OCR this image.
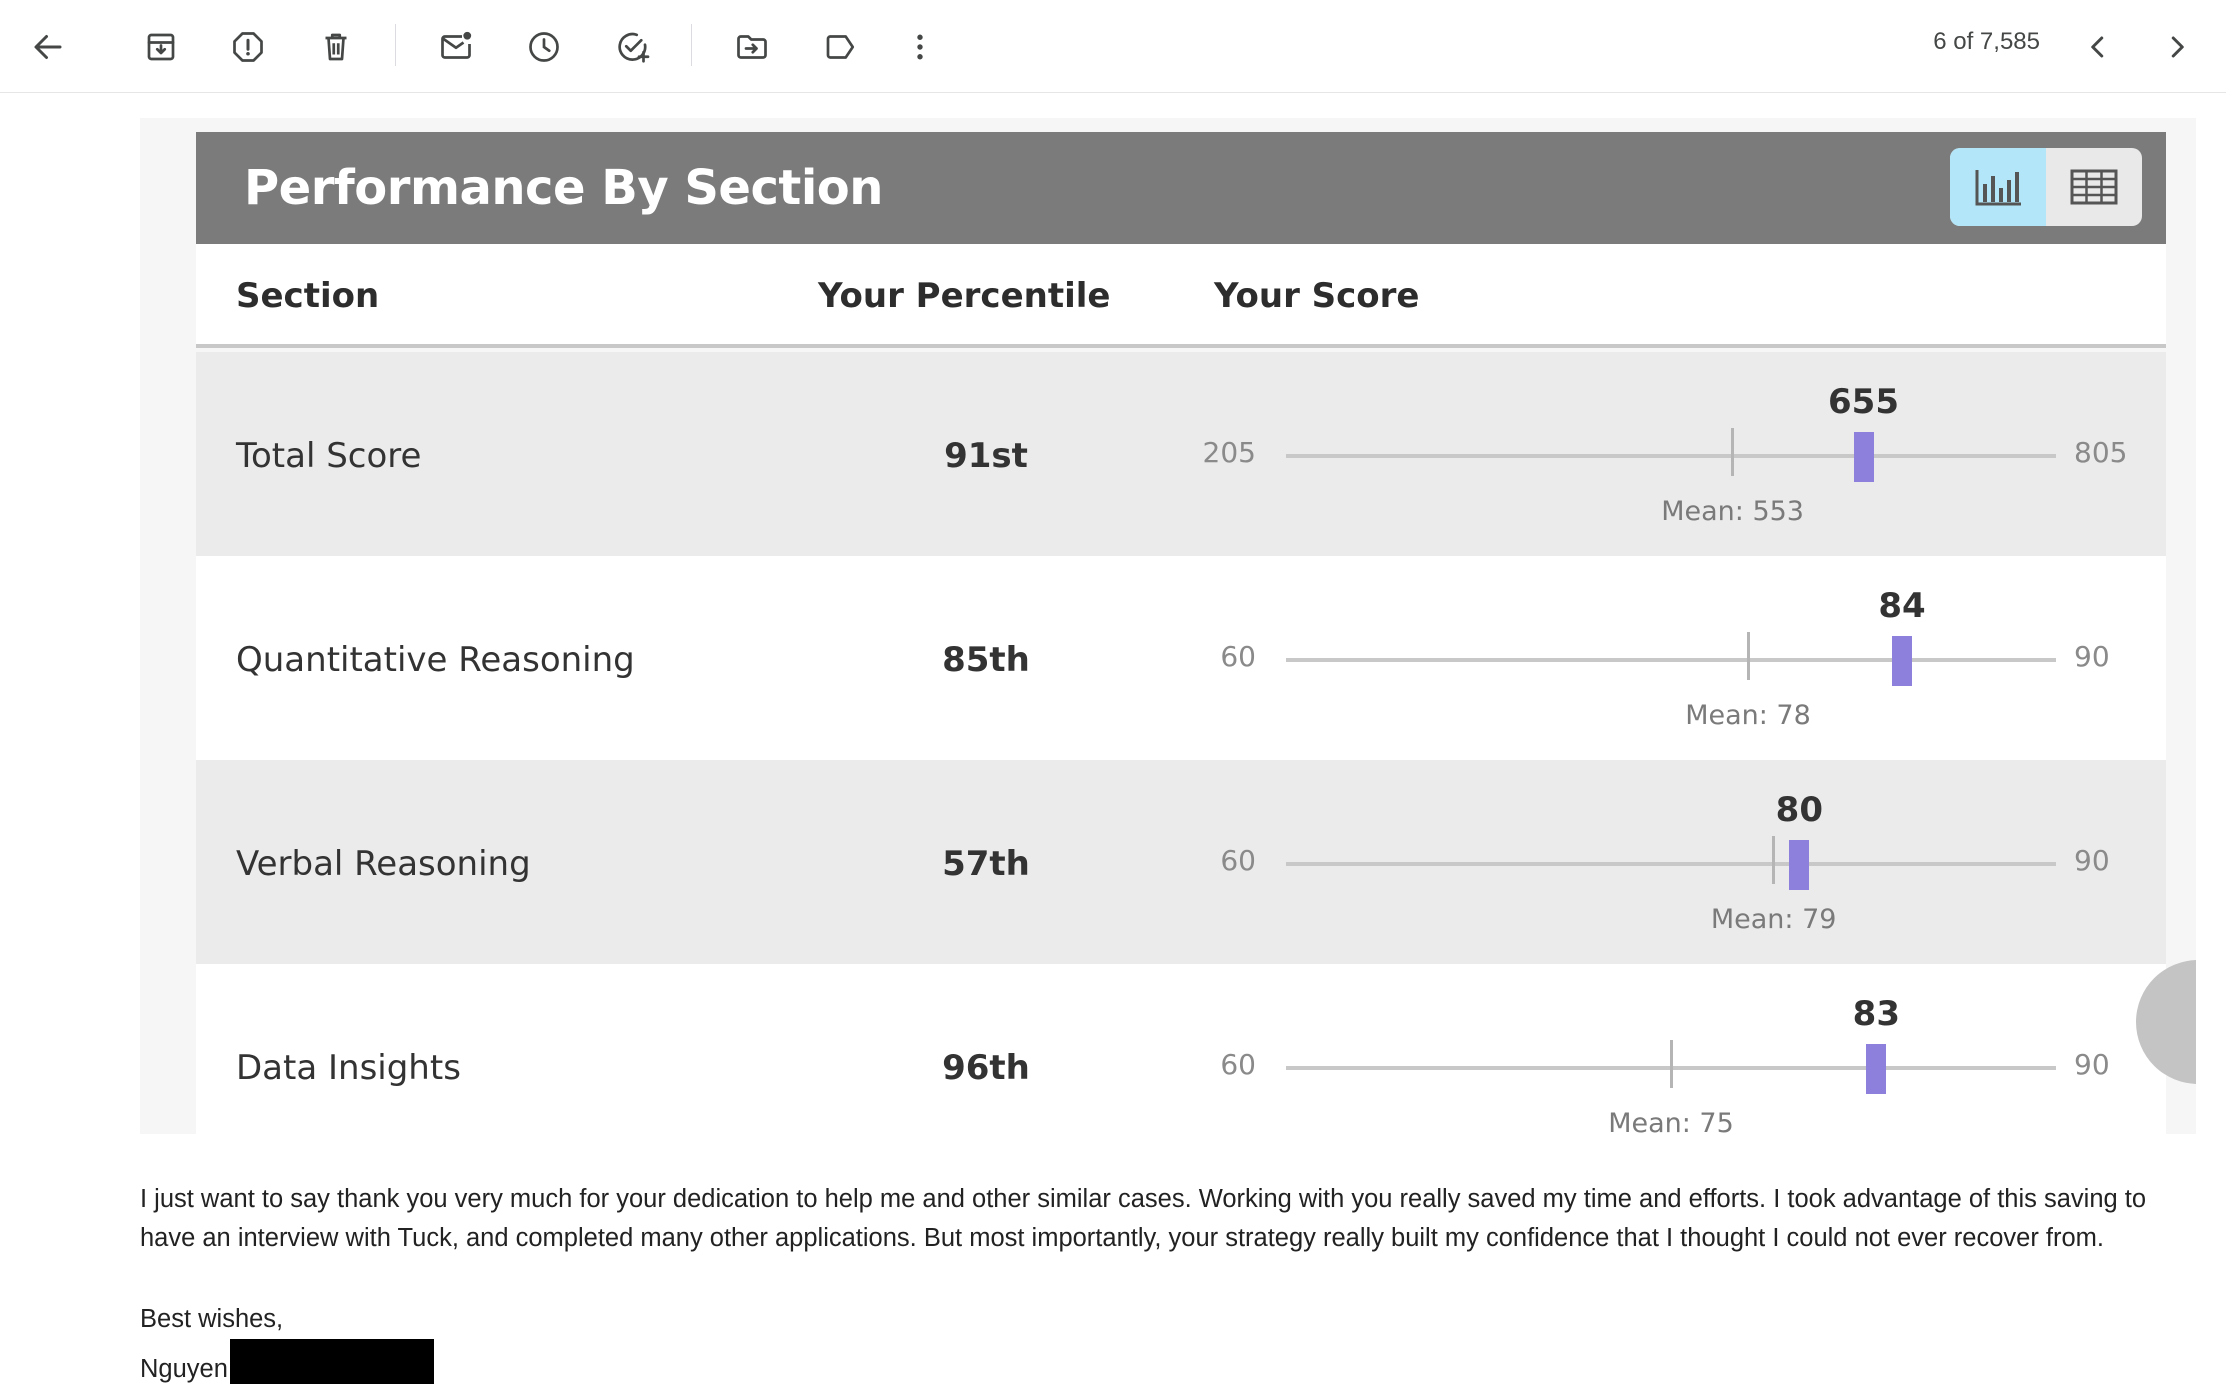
6 of 7,585
Performance By Section
Section	Your Percentile	Your Score
Total Score	91st	205
655
Mean: 553
805
Quantitative Reasoning	85th	60
84
Mean: 78
90
Verbal Reasoning	57th	60
80
Mean: 79
90
Data Insights	96th	60
83
Mean: 75
90
I just want to say thank you very much for your dedication to help me and other similar cases. Working with you really saved my time and efforts. I took advantage of this saving to have an interview with Tuck, and completed many other applications. But most importantly, your strategy really built my confidence that I thought I could not ever recover from.
Best wishes,
Nguyen
